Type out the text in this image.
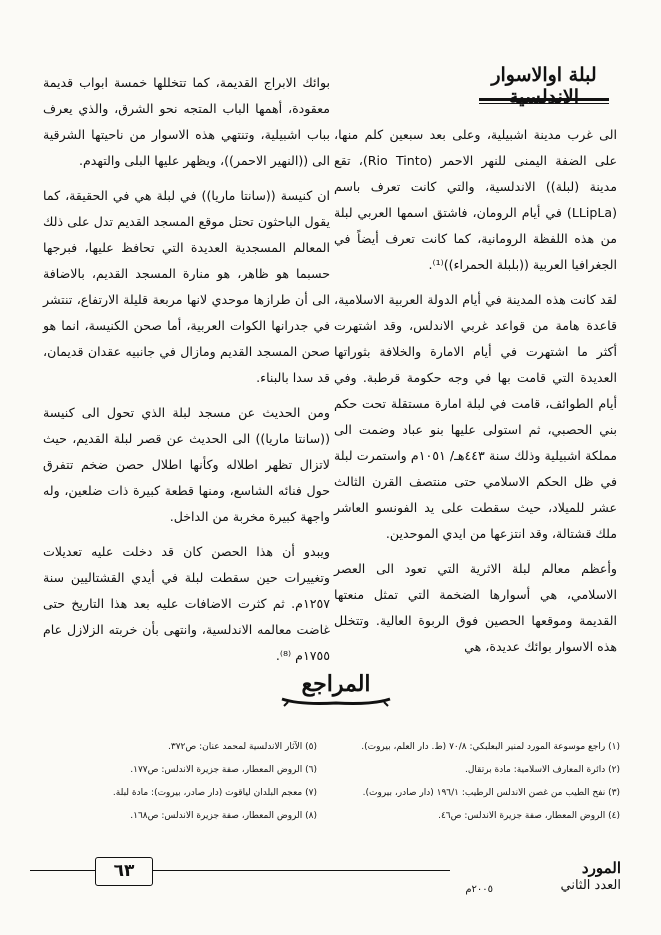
لبلة اوالاسوار الاندلسية

الى غرب مدينة اشبيلية، وعلى بعد سبعين كلم منها، على الضفة اليمنى للنهر الاحمر (Rio Tinto)، تقع مدينة (لبلة)) الاندلسية، والتي كانت تعرف باسم (LLipLa) في أيام الرومان، فاشتق اسمها العربي لبلة من هذه اللفظة الرومانية، كما كانت تعرف أيضاً في الجغرافيا العربية ((بلبلة الحمراء))⁽¹⁾.

لقد كانت هذه المدينة في أيام الدولة العربية الاسلامية، قاعدة هامة من قواعد غربي الاندلس، وقد اشتهرت أكثر ما اشتهرت في أيام الامارة والخلافة بثوراتها العديدة التي قامت بها في وجه حكومة قرطبة. وفي أيام الطوائف، قامت في لبلة امارة مستقلة تحت حكم بني الحصبي، ثم استولى عليها بنو عباد وضمت الى مملكة اشبيلية وذلك سنة ٤٤٣هـ/ ١٠٥١م واستمرت لبلة في ظل الحكم الاسلامي حتى منتصف القرن الثالث عشر للميلاد، حيث سقطت على يد الفونسو العاشر ملك قشتالة، وقد انتزعها من ايدي الموحدين.

وأعظم معالم لبلة الاثرية التي تعود الى العصر الاسلامي، هي أسوارها الضخمة التي تمثل منعتها القديمة وموقعها الحصين فوق الربوة العالية. وتتخلل هذه الاسوار بوائك عديدة، هي

بوائك الابراج القديمة، كما تتخللها خمسة ابواب قديمة معقودة، أهمها الباب المتجه نحو الشرق، والذي يعرف بباب اشبيلية، وتنتهي هذه الاسوار من ناحيتها الشرقية الى ((النهير الاحمر))، ويظهر عليها البلى والتهدم.

ان كنيسة ((سانتا ماريا)) في لبلة هي في الحقيقة، كما يقول الباحثون تحتل موقع المسجد القديم تدل على ذلك المعالم المسجدية العديدة التي تحافظ عليها، فبرجها حسبما هو ظاهر، هو منارة المسجد القديم، بالاضافة الى أن طرازها موحدي لانها مربعة قليلة الارتفاع، تنتشر في جدرانها الكوات العربية، أما صحن الكنيسة، انما هو صحن المسجد القديم ومازال في جانبيه عقدان قديمان، قد سدا بالبناء.

ومن الحديث عن مسجد لبلة الذي تحول الى كنيسة ((سانتا ماريا)) الى الحديث عن قصر لبلة القديم، حيث لاتزال تظهر اطلاله وكأنها اطلال حصن ضخم تتفرق حول فنائه الشاسع، ومنها قطعة كبيرة ذات ضلعين، وله واجهة كبيرة مخربة من الداخل.

ويبدو أن هذا الحصن كان قد دخلت عليه تعديلات وتغييرات حين سقطت لبلة في أيدي القشتاليين سنة ١٢٥٧م. ثم كثرت الاضافات عليه بعد هذا التاريخ حتى غاضت معالمه الاندلسية، وانتهى بأن خربته الزلازل عام ١٧٥٥م ⁽⁸⁾.

المراجع
(١) راجع موسوعة المورد لمنير البعلبكي: ٧٠/٨ (ط. دار العلم، بيروت).
(٢) دائرة المعارف الاسلامية: مادة برتقال.
(٣) نفح الطيب من غصن الاندلس الرطيب: ١٩٦/١ (دار صادر، بيروت).
(٤) الروض المعطار، صفة جزيرة الاندلس: ص٤٦.
(٥) الآثار الاندلسية لمحمد عنان: ص٣٧٢.
(٦) الروض المعطار، صفة جزيرة الاندلس: ص١٧٧.
(٧) معجم البلدان لياقوت (دار صادر، بيروت): مادة لبلة.
(٨) الروض المعطار، صفة جزيرة الاندلس: ص١٦٨.
٦٣	المورد
العدد الثاني
٢٠٠٥م
